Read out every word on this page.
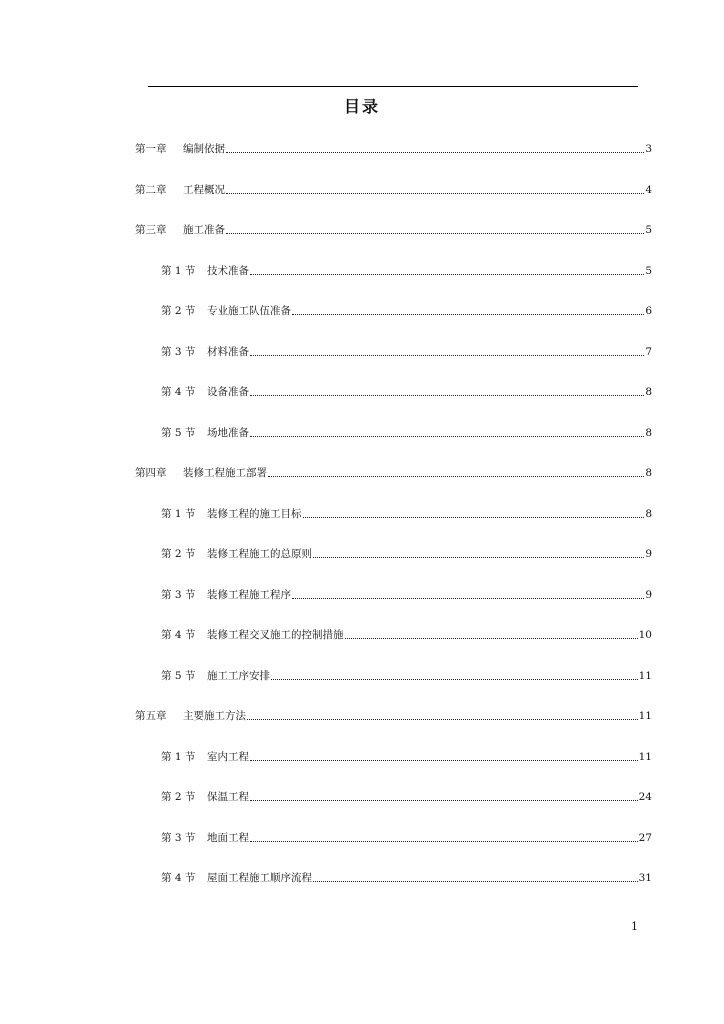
目录
第一章	编制依据	3
第二章	工程概况	4
第三章	施工准备	5
第 1 节	技术准备	5
第 2 节	专业施工队伍准备	6
第 3 节	材料准备	7
第 4 节	设备准备	8
第 5 节	场地准备	8
第四章	装修工程施工部署	8
第 1 节	装修工程的施工目标	8
第 2 节	装修工程施工的总原则	9
第 3 节	装修工程施工程序	9
第 4 节	装修工程交叉施工的控制措施	10
第 5 节	施工工序安排	11
第五章	主要施工方法	11
第 1 节	室内工程	11
第 2 节	保温工程	24
第 3 节	地面工程	27
第 4 节	屋面工程施工顺序流程	31
1
